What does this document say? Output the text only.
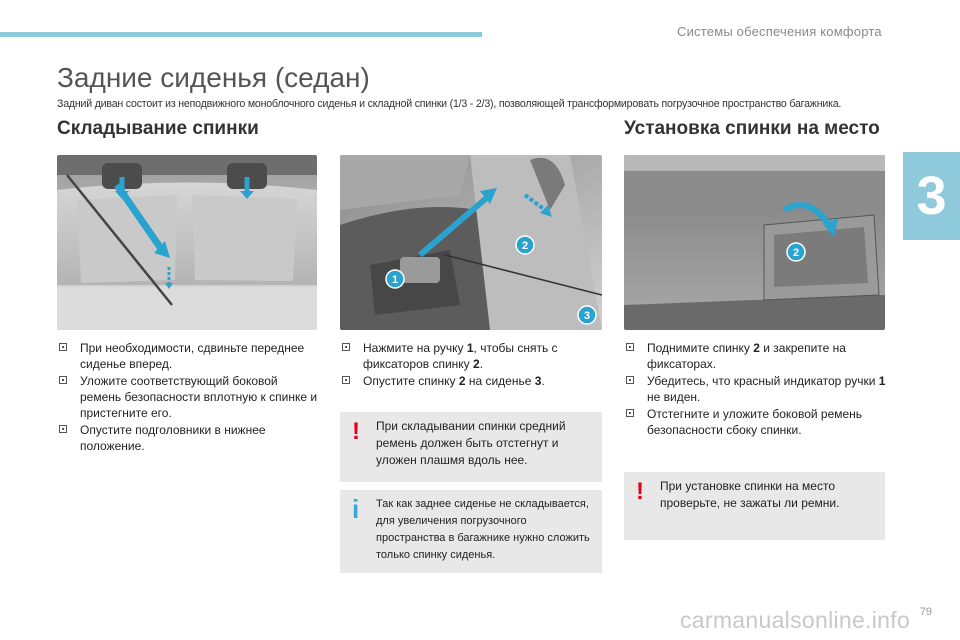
Системы обеспечения комфорта
3
Задние сиденья (седан)
Задний диван состоит из неподвижного моноблочного сиденья и складной спинки (1/3 - 2/3), позволяющей трансформировать погрузочное пространство багажника.
Складывание спинки	Установка спинки на место
1
2
3
2
При необходимости, сдвиньте переднее сиденье вперед.
Уложите соответствующий боковой ремень безопасности вплотную к спинке и пристегните его.
Опустите подголовники в нижнее положение.
Нажмите на ручку 1, чтобы снять с фиксаторов спинку 2.
Опустите спинку 2 на сиденье 3.
Поднимите спинку 2 и закрепите на фиксаторах.
Убедитесь, что красный индикатор ручки 1 не виден.
Отстегните и уложите боковой ремень безопасности сбоку спинки.
! При складывании спинки средний ремень должен быть отстегнут и уложен плашмя вдоль нее.
i Так как заднее сиденье не складывается, для увеличения погрузочного пространства в багажнике нужно сложить только спинку сиденья.
! При установке спинки на место проверьте, не зажаты ли ремни.
79
carmanualsonline.info
